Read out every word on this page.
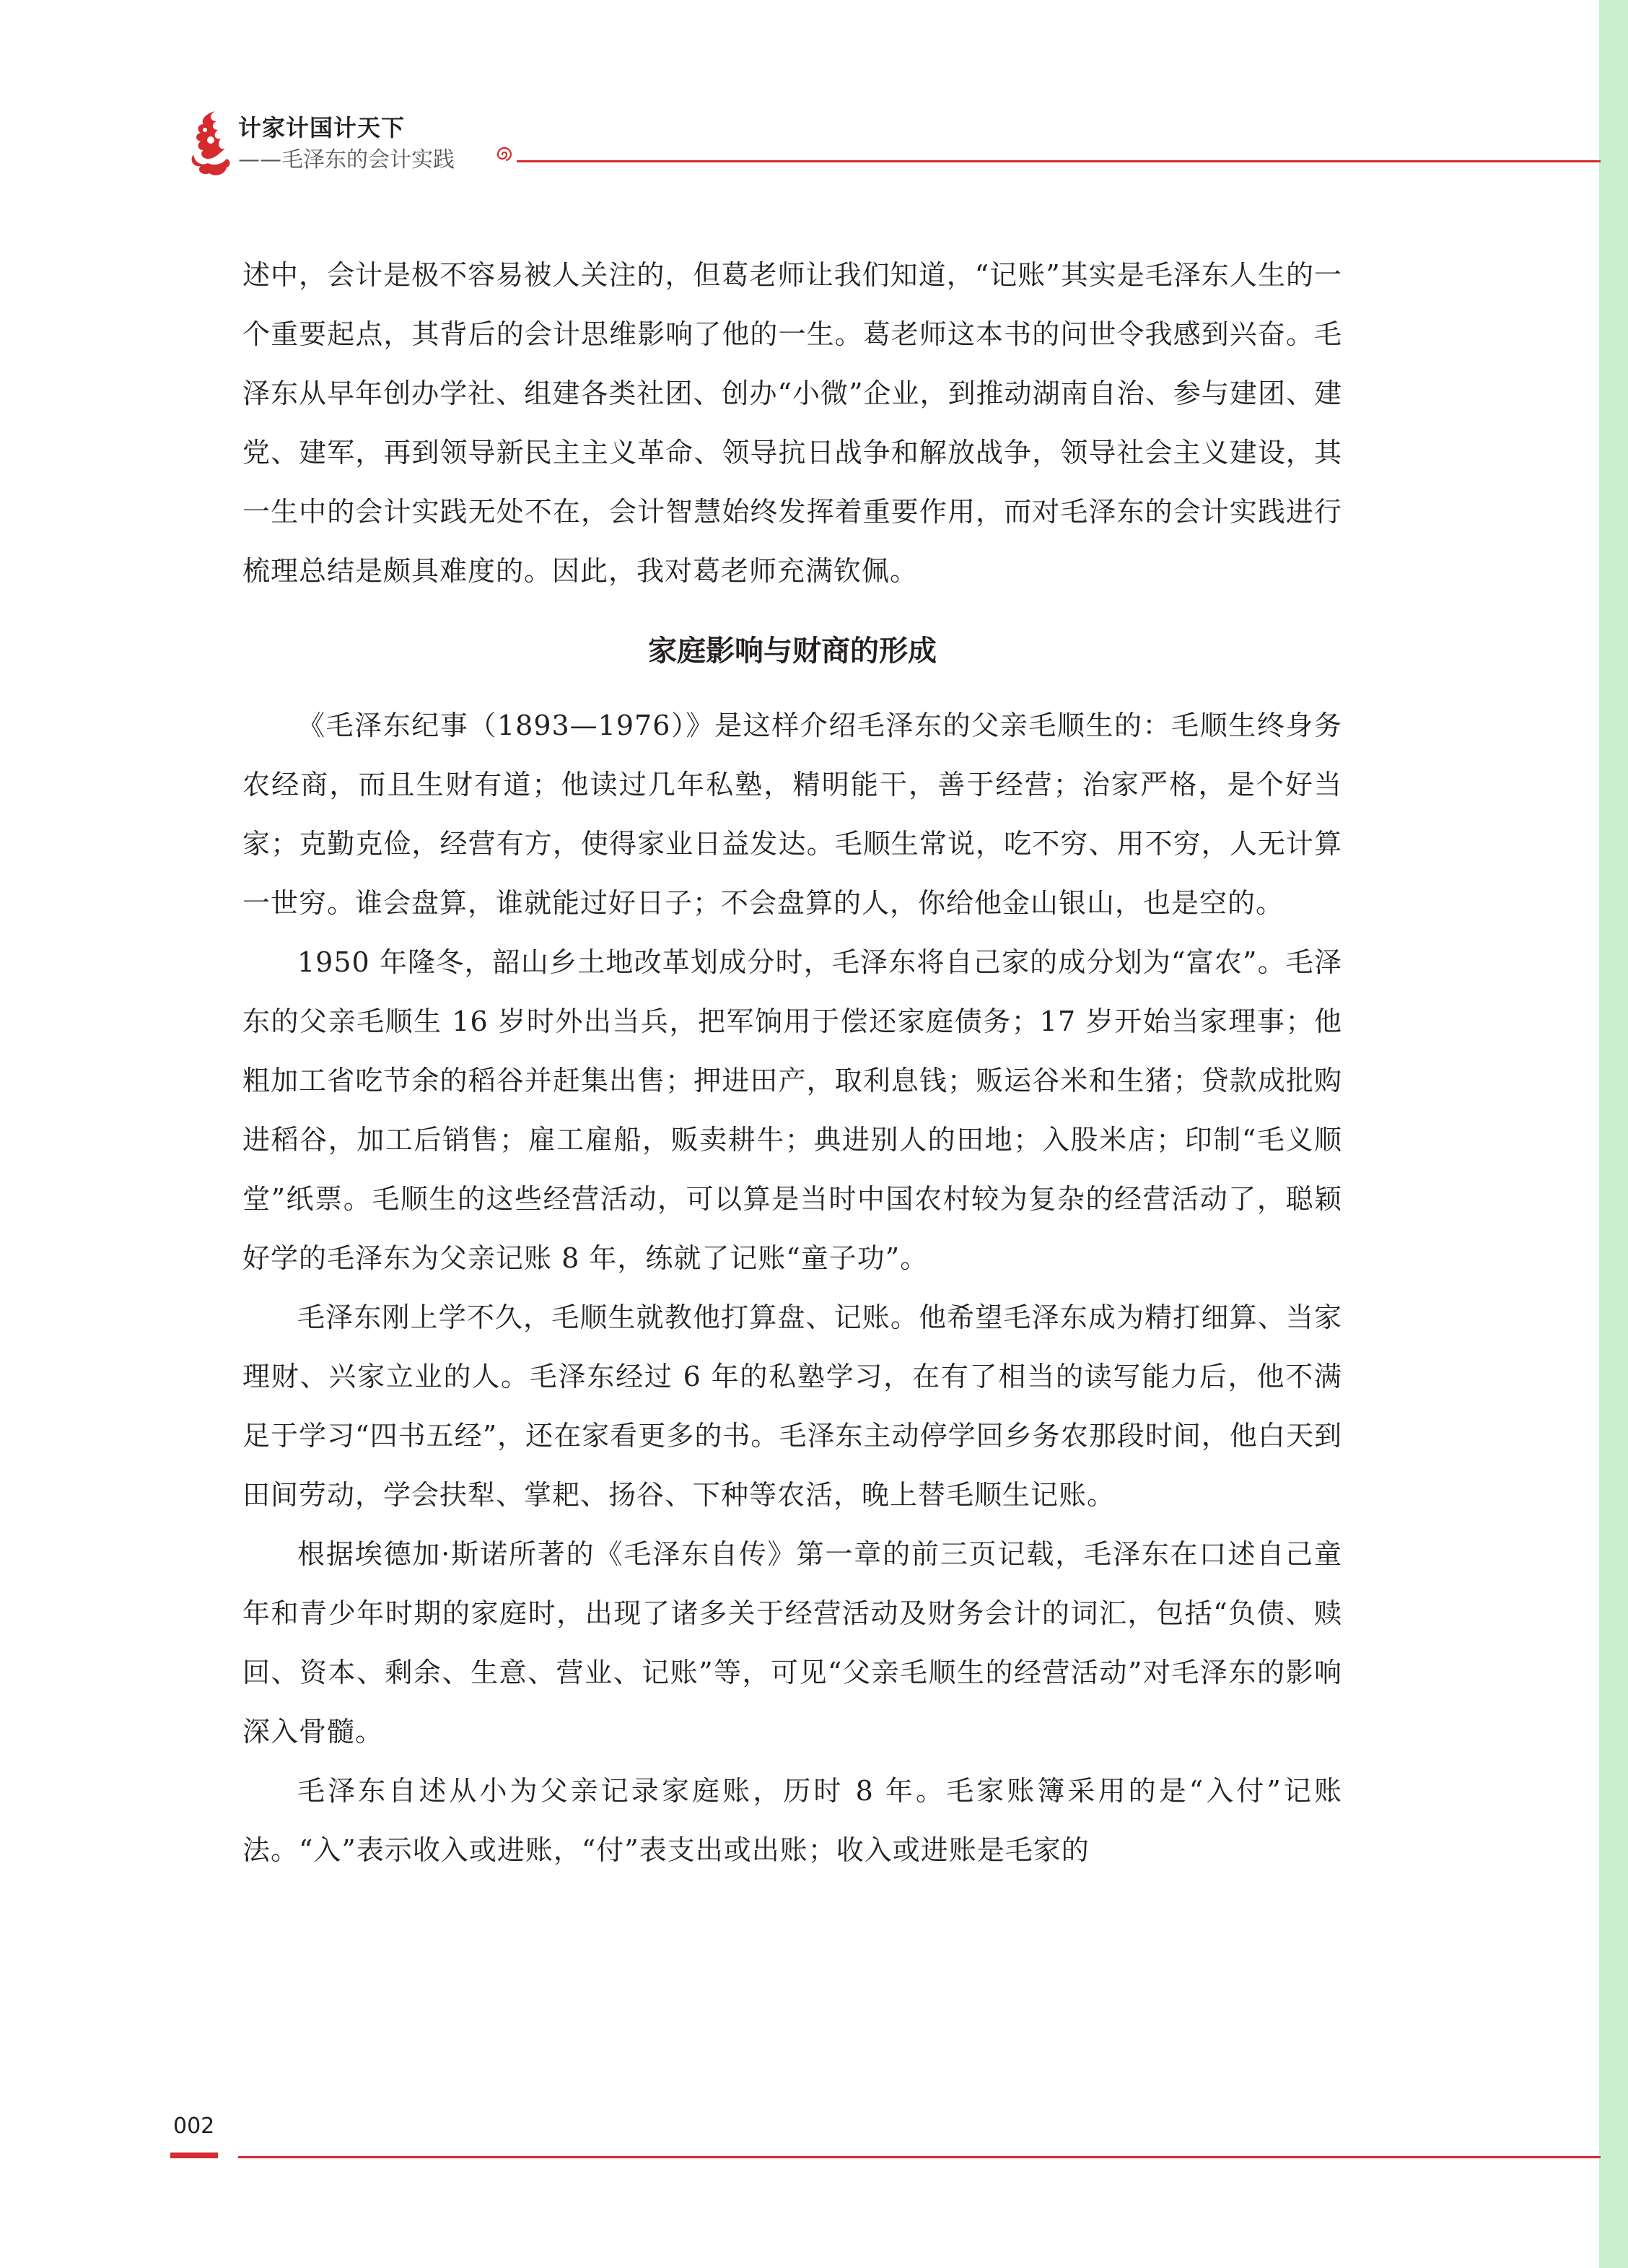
计家计国计天下
——毛泽东的会计实践

述中，会计是极不容易被人关注的，但葛老师让我们知道，“记账”其实是毛泽东人生的一个重要起点，其背后的会计思维影响了他的一生。葛老师这本书的问世令我感到兴奋。毛泽东从早年创办学社、组建各类社团、创办“小微”企业，到推动湖南自治、参与建团、建党、建军，再到领导新民主主义革命、领导抗日战争和解放战争，领导社会主义建设，其一生中的会计实践无处不在，会计智慧始终发挥着重要作用，而对毛泽东的会计实践进行梳理总结是颇具难度的。因此，我对葛老师充满钦佩。

家庭影响与财商的形成

《毛泽东纪事（1893—1976）》是这样介绍毛泽东的父亲毛顺生的：毛顺生终身务农经商，而且生财有道；他读过几年私塾，精明能干，善于经营；治家严格，是个好当家；克勤克俭，经营有方，使得家业日益发达。毛顺生常说，吃不穷、用不穷，人无计算一世穷。谁会盘算，谁就能过好日子；不会盘算的人，你给他金山银山，也是空的。

1950 年隆冬，韶山乡土地改革划成分时，毛泽东将自己家的成分划为“富农”。毛泽东的父亲毛顺生 16 岁时外出当兵，把军饷用于偿还家庭债务；17 岁开始当家理事；他粗加工省吃节余的稻谷并赶集出售；押进田产，取利息钱；贩运谷米和生猪；贷款成批购进稻谷，加工后销售；雇工雇船，贩卖耕牛；典进别人的田地；入股米店；印制“毛义顺堂”纸票。毛顺生的这些经营活动，可以算是当时中国农村较为复杂的经营活动了，聪颖好学的毛泽东为父亲记账 8 年，练就了记账“童子功”。

毛泽东刚上学不久，毛顺生就教他打算盘、记账。他希望毛泽东成为精打细算、当家理财、兴家立业的人。毛泽东经过 6 年的私塾学习，在有了相当的读写能力后，他不满足于学习“四书五经”，还在家看更多的书。毛泽东主动停学回乡务农那段时间，他白天到田间劳动，学会扶犁、掌耙、扬谷、下种等农活，晚上替毛顺生记账。

根据埃德加·斯诺所著的《毛泽东自传》第一章的前三页记载，毛泽东在口述自己童年和青少年时期的家庭时，出现了诸多关于经营活动及财务会计的词汇，包括“负债、赎回、资本、剩余、生意、营业、记账”等，可见“父亲毛顺生的经营活动”对毛泽东的影响深入骨髓。

毛泽东自述从小为父亲记录家庭账，历时 8 年。毛家账簿采用的是“入付”记账法。“入”表示收入或进账，“付”表支出或出账；收入或进账是毛家的

002
